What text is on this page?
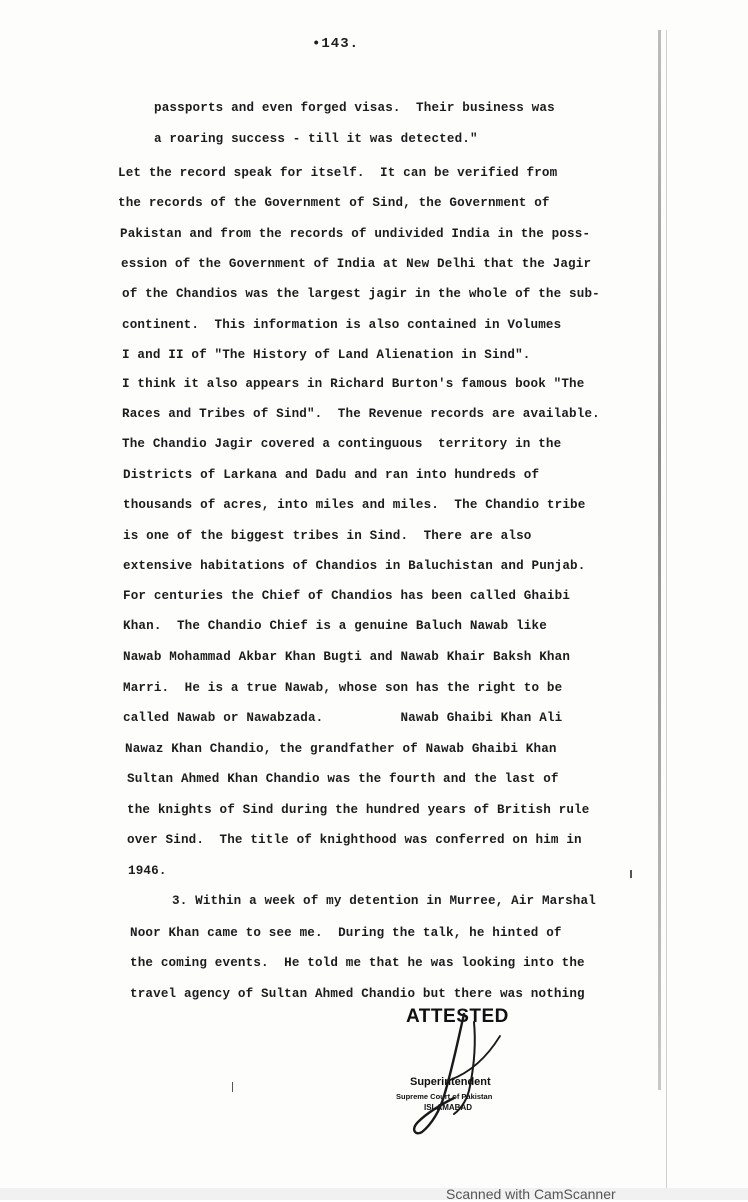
•143.
passports and even forged visas.  Their business was
a roaring success - till it was detected."
Let the record speak for itself.  It can be verified from
the records of the Government of Sind, the Government of
Pakistan and from the records of undivided India in the poss-
ession of the Government of India at New Delhi that the Jagir
of the Chandios was the largest jagir in the whole of the sub-
continent.  This information is also contained in Volumes
I and II of "The History of Land Alienation in Sind".
I think it also appears in Richard Burton's famous book "The
Races and Tribes of Sind".  The Revenue records are available.
The Chandio Jagir covered a continguous  territory in the
Districts of Larkana and Dadu and ran into hundreds of
thousands of acres, into miles and miles.  The Chandio tribe
is one of the biggest tribes in Sind.  There are also
extensive habitations of Chandios in Baluchistan and Punjab.
For centuries the Chief of Chandios has been called Ghaibi
Khan.  The Chandio Chief is a genuine Baluch Nawab like
Nawab Mohammad Akbar Khan Bugti and Nawab Khair Baksh Khan
Marri.  He is a true Nawab, whose son has the right to be
called Nawab or Nawabzada.          Nawab Ghaibi Khan Ali
Nawaz Khan Chandio, the grandfather of Nawab Ghaibi Khan
Sultan Ahmed Khan Chandio was the fourth and the last of
the knights of Sind during the hundred years of British rule
over Sind.  The title of knighthood was conferred on him in
1946.
3. Within a week of my detention in Murree, Air Marshal
Noor Khan came to see me.  During the talk, he hinted of
the coming events.  He told me that he was looking into the
travel agency of Sultan Ahmed Chandio but there was nothing
ATTESTED
Superintendent
Supreme Court of Pakistan
ISLAMABAD
Scanned with CamScanner
